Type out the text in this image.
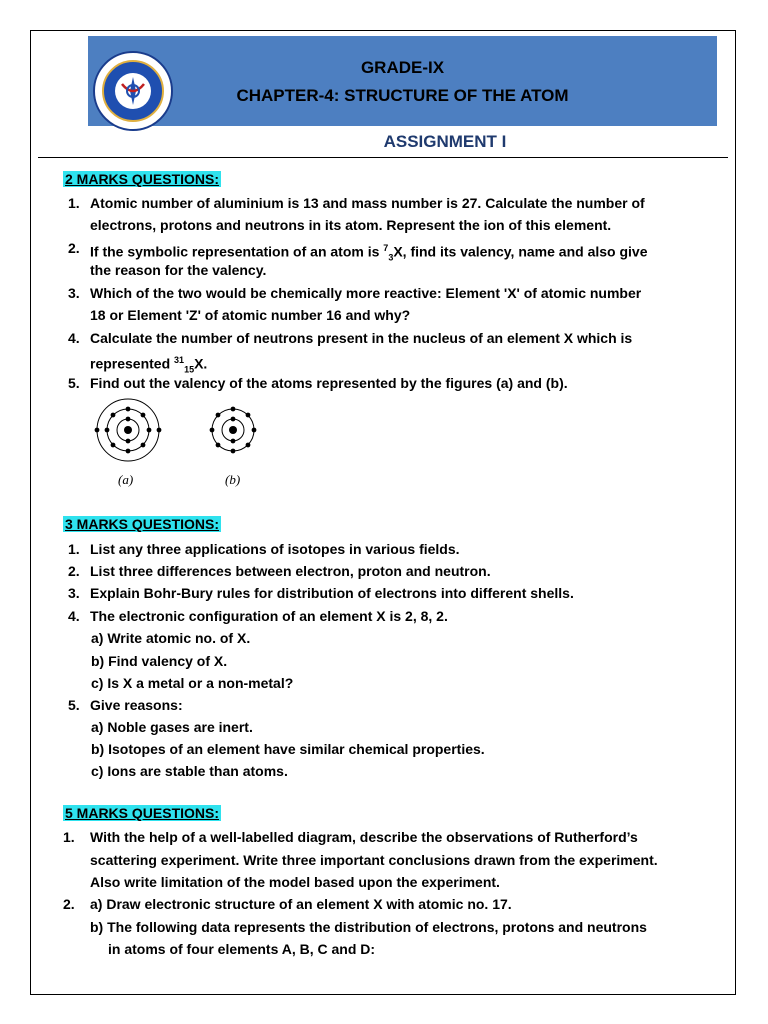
GRADE-IX
CHAPTER-4: STRUCTURE OF THE ATOM
ASSIGNMENT I
2 MARKS QUESTIONS:
1. Atomic number of aluminium is 13 and mass number is 27. Calculate the number of
electrons, protons and neutrons in its atom. Represent the ion of this element.
2. If the symbolic representation of an atom is $^7_3$X, find its valency, name and also give
the reason for the valency.
3. Which of the two would be chemically more reactive: Element 'X' of atomic number
18 or Element 'Z' of atomic number 16 and why?
4. Calculate the number of neutrons present in the nucleus of an element X which is
represented $^{31}_{15}$X.
5. Find out the valency of the atoms represented by the figures (a) and (b).
(a)	(b)
3 MARKS QUESTIONS:
1. List any three applications of isotopes in various fields.
2. List three differences between electron, proton and neutron.
3. Explain Bohr-Bury rules for distribution of electrons into different shells.
4. The electronic configuration of an element X is 2, 8, 2.
a) Write atomic no. of X.
b) Find valency of X.
c) Is X a metal or a non-metal?
5. Give reasons:
a) Noble gases are inert.
b) Isotopes of an element have similar chemical properties.
c) Ions are stable than atoms.
5 MARKS QUESTIONS:
1. With the help of a well-labelled diagram, describe the observations of Rutherford’s
scattering experiment. Write three important conclusions drawn from the experiment.
Also write limitation of the model based upon the experiment.
2. a) Draw electronic structure of an element X with atomic no. 17.
b) The following data represents the distribution of electrons, protons and neutrons
in atoms of four elements A, B, C and D:
